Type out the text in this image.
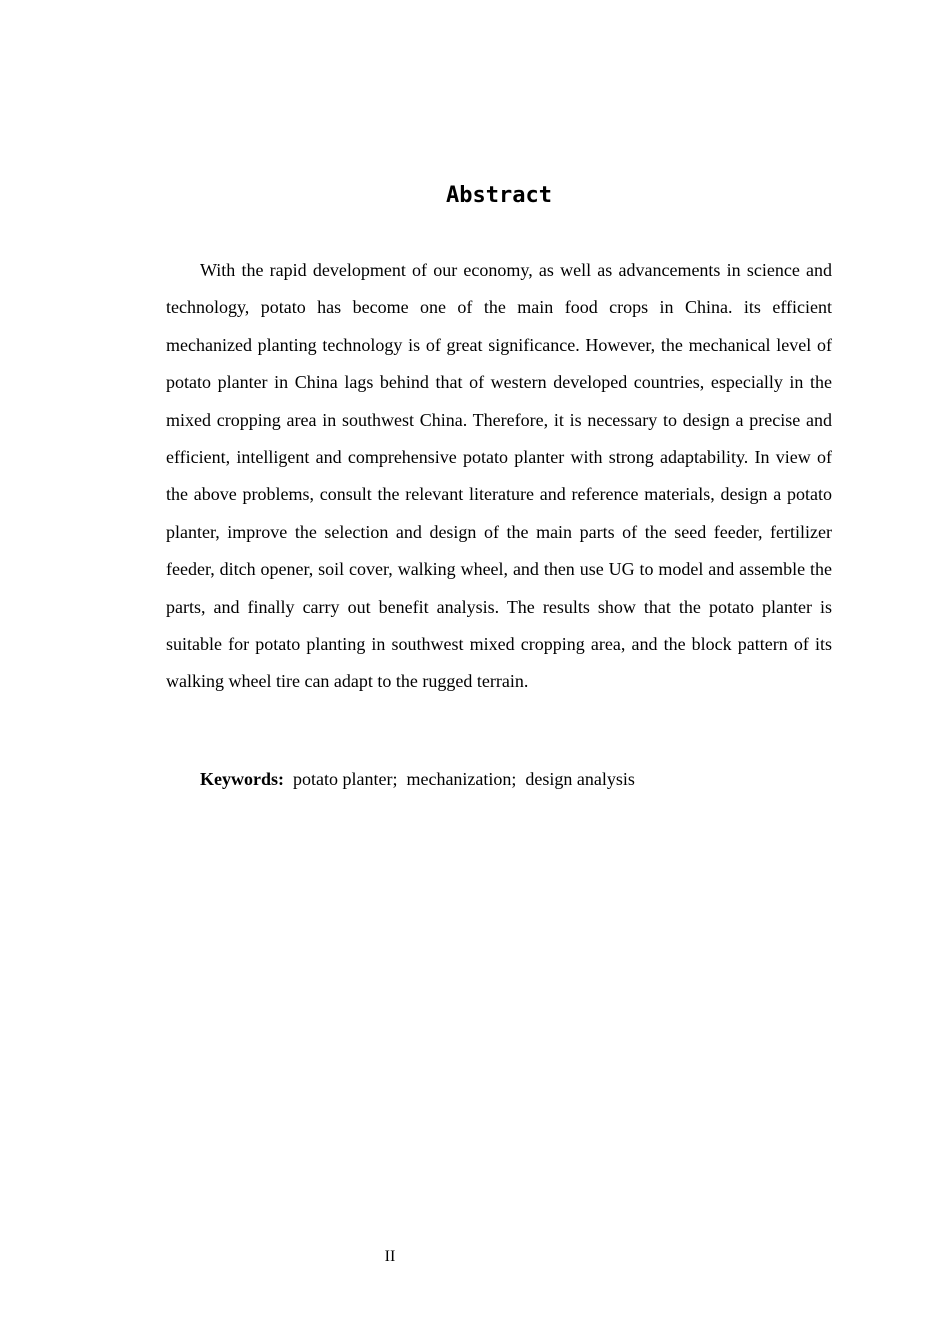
Abstract

With the rapid development of our economy, as well as advancements in science and technology, potato has become one of the main food crops in China. its efficient mechanized planting technology is of great significance. However, the mechanical level of potato planter in China lags behind that of western developed countries, especially in the mixed cropping area in southwest China. Therefore, it is necessary to design a precise and efficient, intelligent and comprehensive potato planter with strong adaptability. In view of the above problems, consult the relevant literature and reference materials, design a potato planter, improve the selection and design of the main parts of the seed feeder, fertilizer feeder, ditch opener, soil cover, walking wheel, and then use UG to model and assemble the parts, and finally carry out benefit analysis. The results show that the potato planter is suitable for potato planting in southwest mixed cropping area, and the block pattern of its walking wheel tire can adapt to the rugged terrain.

Keywords:  potato planter;  mechanization;  design analysis
II
